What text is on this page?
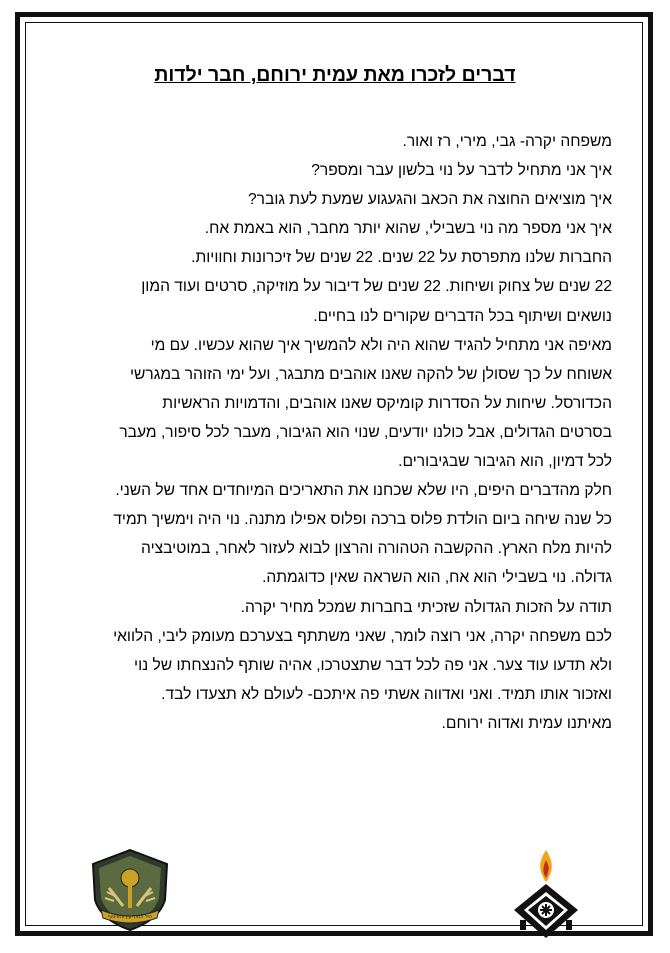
דברים לזכרו מאת עמית ירוחם, חבר ילדות
משפחה יקרה- גבי, מירי, רז ואור.
איך אני מתחיל לדבר על נוי בלשון עבר ומספר?
איך מוציאים החוצה את הכאב והגעגוע שמעת לעת גובר?
איך אני מספר מה נוי בשבילי, שהוא יותר מחבר, הוא באמת אח.
החברות שלנו מתפרסת על 22 שנים. 22 שנים של זיכרונות וחוויות.
22 שנים של צחוק ושיחות. 22 שנים של דיבור על מוזיקה, סרטים ועוד המון
נושאים ושיתוף בכל הדברים שקורים לנו בחיים.
מאיפה אני מתחיל להגיד שהוא היה ולא להמשיך איך שהוא עכשיו. עם מי
אשוחח על כך שסולן של להקה שאנו אוהבים מתבגר, ועל ימי הזוהר במגרשי
הכדורסל. שיחות על הסדרות קומיקס שאנו אוהבים, והדמויות הראשיות
בסרטים הגדולים, אבל כולנו יודעים, שנוי הוא הגיבור, מעבר לכל סיפור, מעבר
לכל דמיון, הוא הגיבור שבגיבורים.
חלק מהדברים היפים, היו שלא שכחנו את התאריכים המיוחדים אחד של השני.
כל שנה שיחה ביום הולדת פלוס ברכה ופלוס אפילו מתנה. נוי היה וימשיך תמיד
להיות מלח הארץ. ההקשבה הטהורה והרצון לבוא לעזור לאחר, במוטיבציה
גדולה. נוי בשבילי הוא אח, הוא השראה שאין כדוגמתה.
תודה על הזכות הגדולה שזכיתי בחברות שמכל מחיר יקרה.
לכם משפחה יקרה, אני רוצה לומר, שאני משתתף בצערכם מעומק ליבי, הלוואי
ולא תדעו עוד צער. אני פה לכל דבר שתצטרכו, אהיה שותף להנצחתו של נוי
ואזכור אותו תמיד. ואני ואדווה אשתי פה איתכם- לעולם לא תצעדו לבד.
מאיתנו עמית ואדוה ירוחם.
חיל המודיעין והאיסוף
